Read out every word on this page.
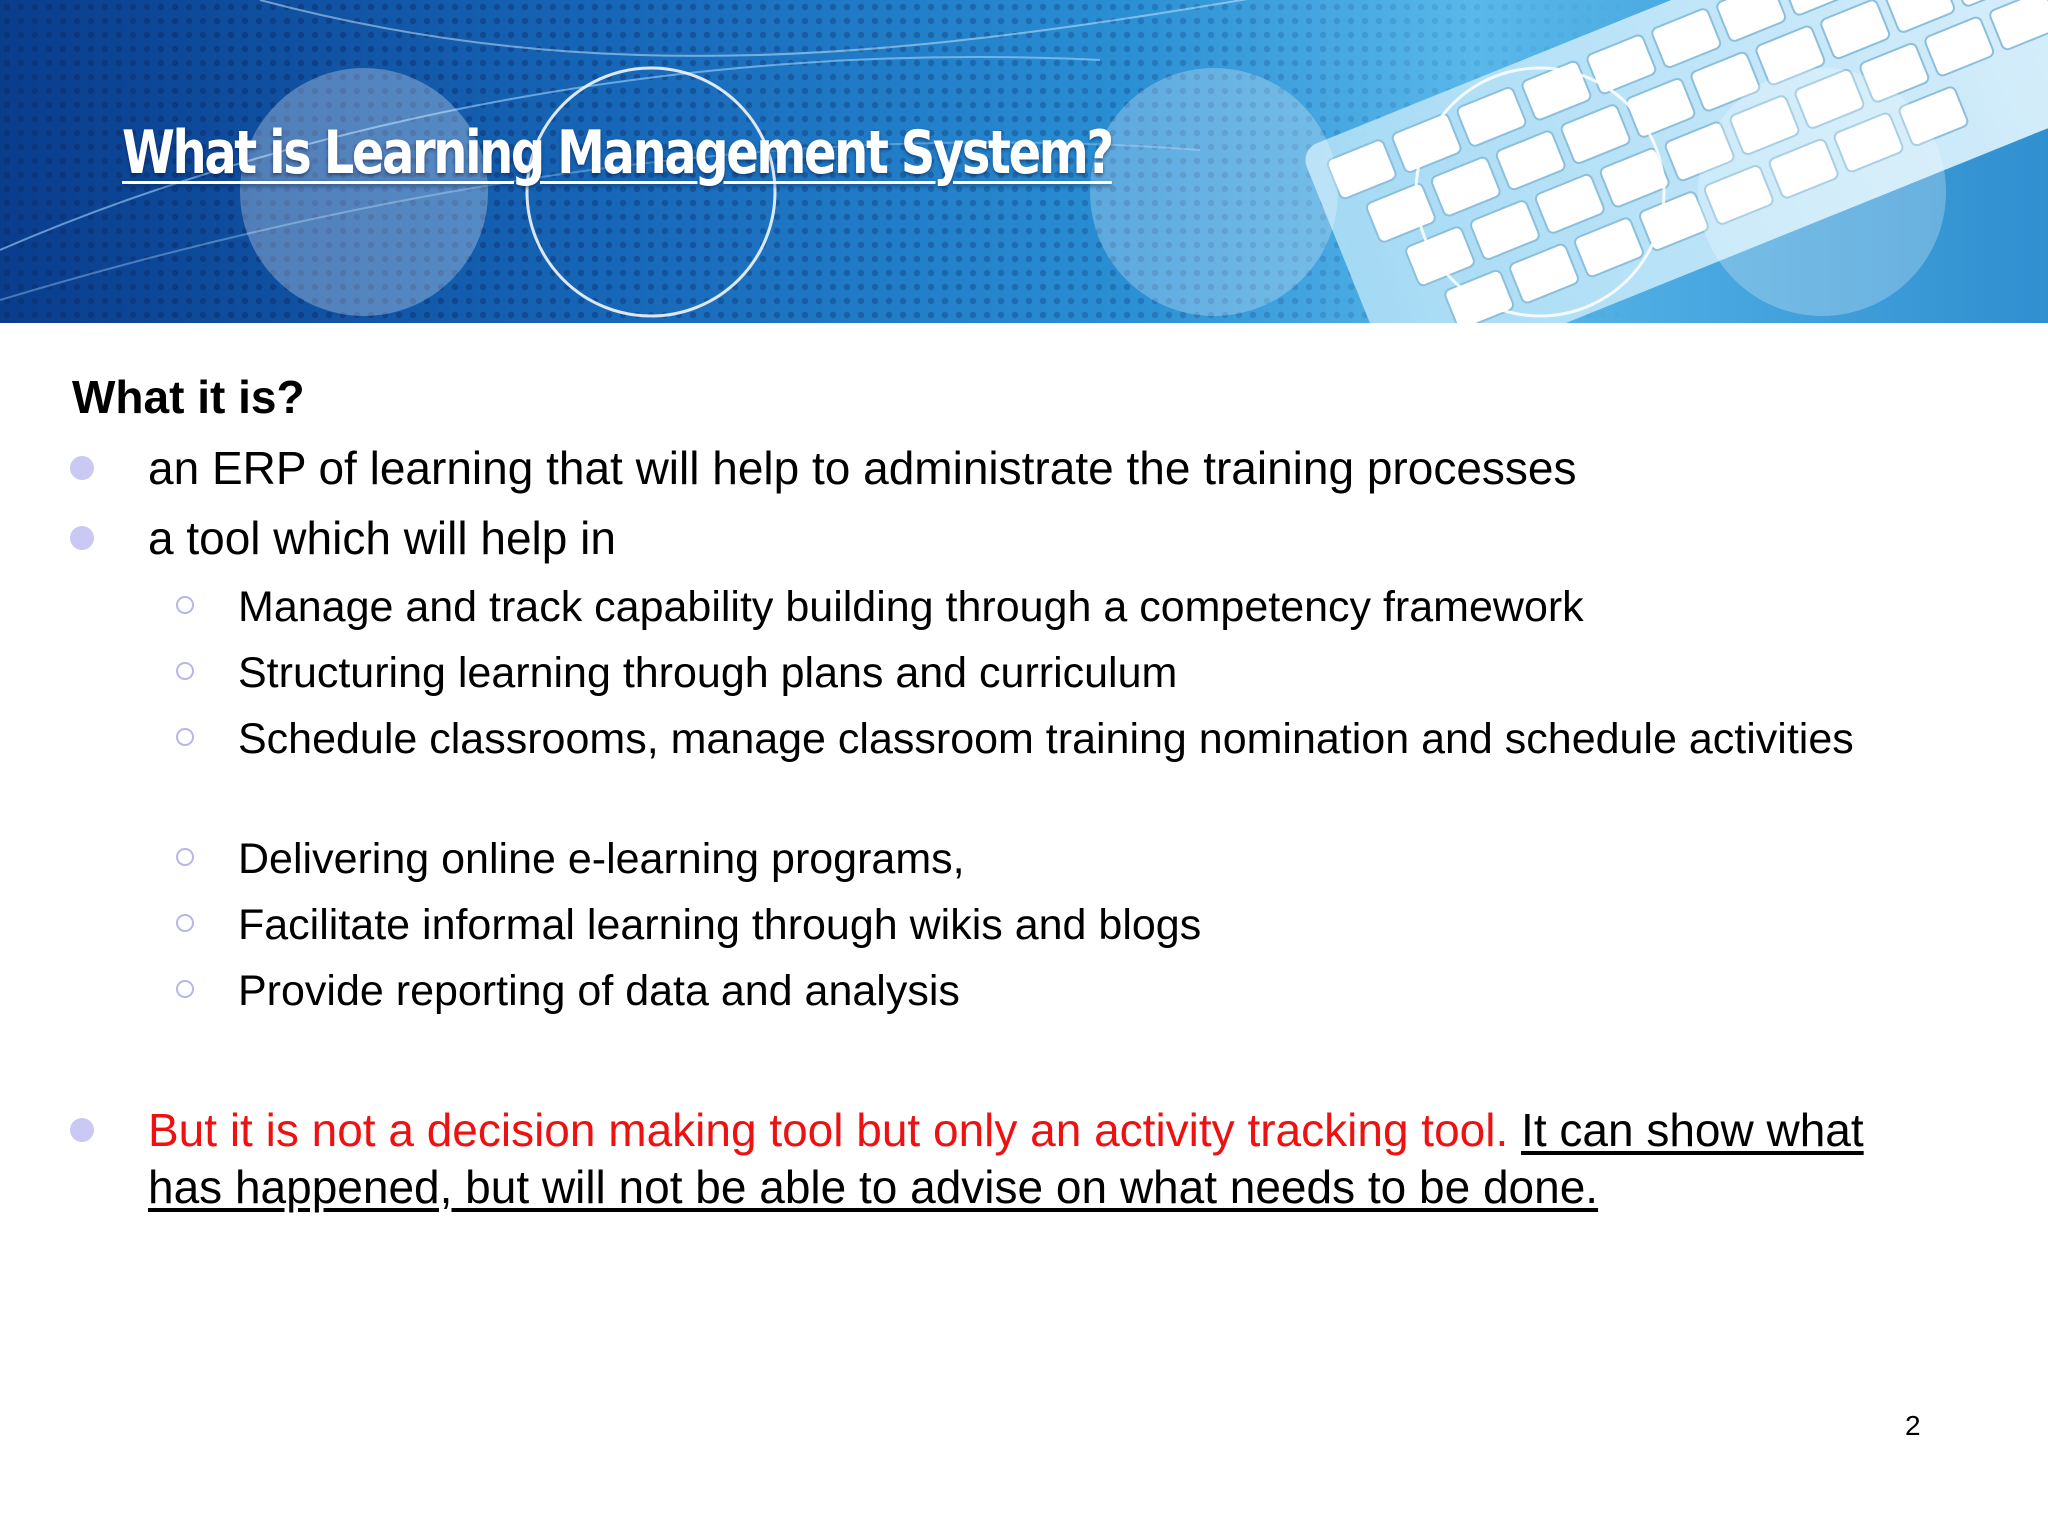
What is Learning Management System?
What it is?
an ERP of learning that will help to administrate the training processes
a tool which will help in
Manage and track capability building through a competency framework
Structuring learning through plans and curriculum
Schedule classrooms, manage classroom training nomination and schedule activities
Delivering online e-learning programs,
Facilitate informal learning through wikis and blogs
Provide reporting of data and analysis
But it is not a decision making tool but only an activity tracking tool. It can show what has happened, but will not be able to advise on what needs to be done.
2
